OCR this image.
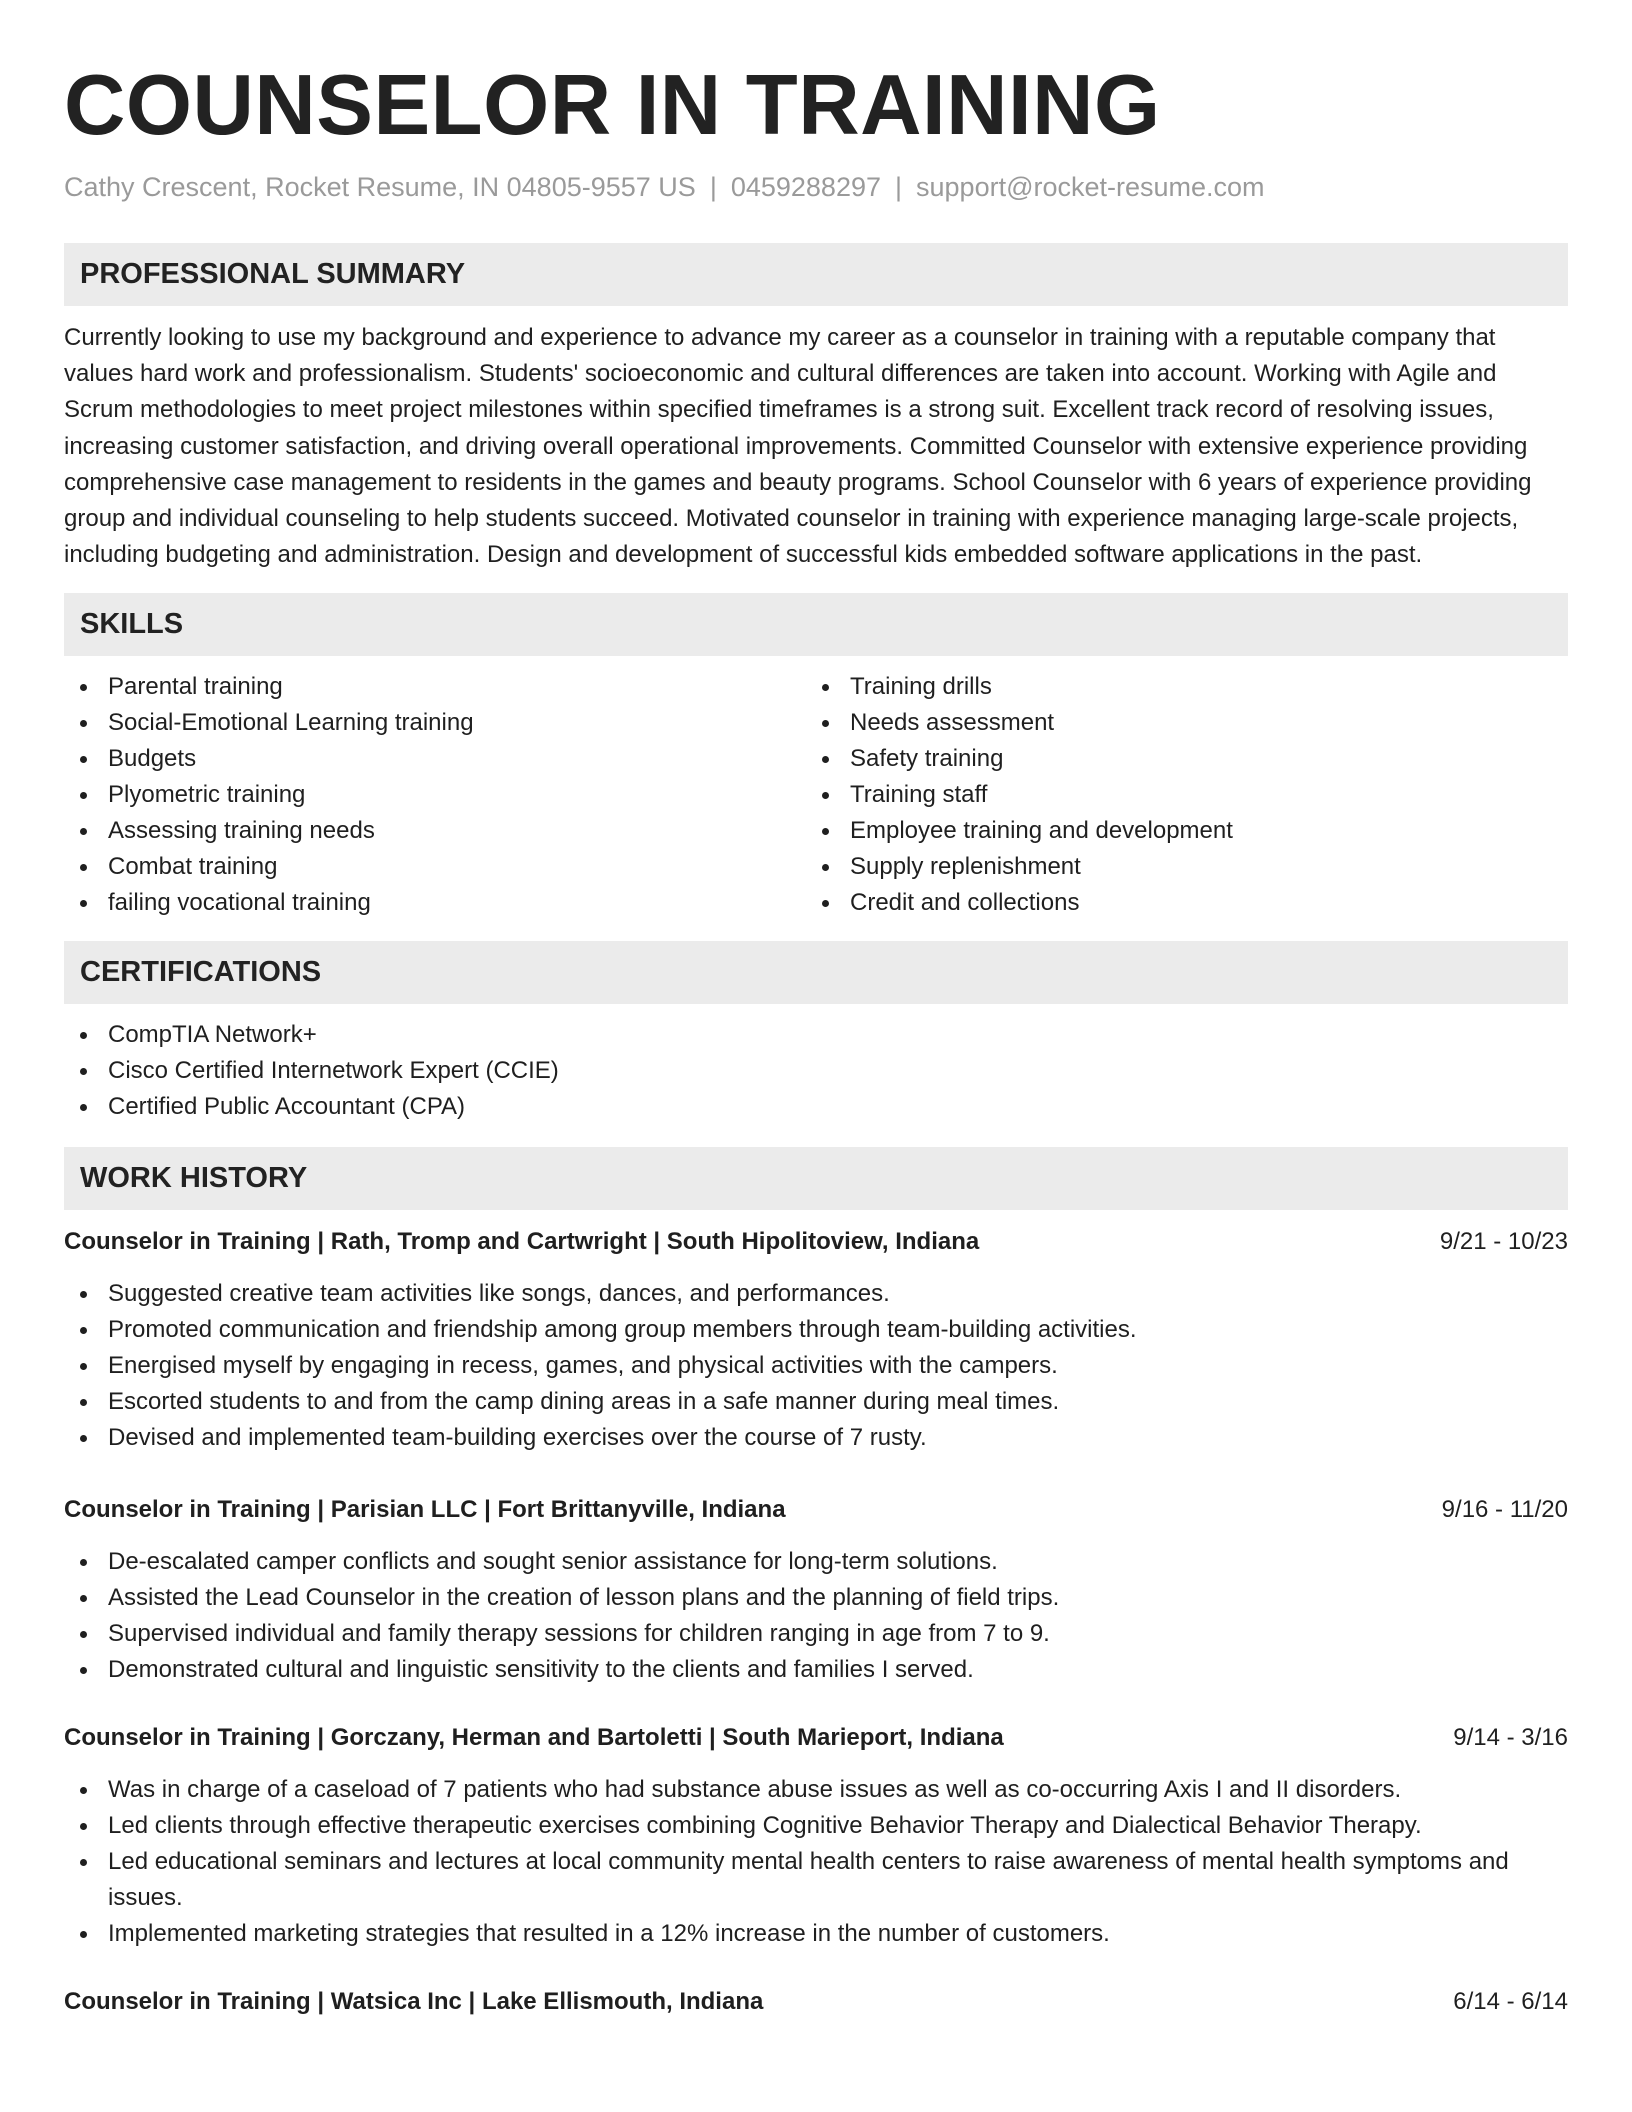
COUNSELOR IN TRAINING
Cathy Crescent, Rocket Resume, IN 04805-9557 US | 0459288297 | support@rocket-resume.com
PROFESSIONAL SUMMARY

Currently looking to use my background and experience to advance my career as a counselor in training with a reputable company that values hard work and professionalism. Students' socioeconomic and cultural differences are taken into account. Working with Agile and Scrum methodologies to meet project milestones within specified timeframes is a strong suit. Excellent track record of resolving issues, increasing customer satisfaction, and driving overall operational improvements. Committed Counselor with extensive experience providing comprehensive case management to residents in the games and beauty programs. School Counselor with 6 years of experience providing group and individual counseling to help students succeed. Motivated counselor in training with experience managing large-scale projects, including budgeting and administration. Design and development of successful kids embedded software applications in the past.

SKILLS
Parental training
Social-Emotional Learning training
Budgets
Plyometric training
Assessing training needs
Combat training
failing vocational training
Training drills
Needs assessment
Safety training
Training staff
Employee training and development
Supply replenishment
Credit and collections
CERTIFICATIONS
CompTIA Network+
Cisco Certified Internetwork Expert (CCIE)
Certified Public Accountant (CPA)
WORK HISTORY
Counselor in Training | Rath, Tromp and Cartwright | South Hipolitoview, Indiana	9/21 - 10/23
Suggested creative team activities like songs, dances, and performances.
Promoted communication and friendship among group members through team-building activities.
Energised myself by engaging in recess, games, and physical activities with the campers.
Escorted students to and from the camp dining areas in a safe manner during meal times.
Devised and implemented team-building exercises over the course of 7 rusty.
Counselor in Training | Parisian LLC | Fort Brittanyville, Indiana	9/16 - 11/20
De-escalated camper conflicts and sought senior assistance for long-term solutions.
Assisted the Lead Counselor in the creation of lesson plans and the planning of field trips.
Supervised individual and family therapy sessions for children ranging in age from 7 to 9.
Demonstrated cultural and linguistic sensitivity to the clients and families I served.
Counselor in Training | Gorczany, Herman and Bartoletti | South Marieport, Indiana	9/14 - 3/16
Was in charge of a caseload of 7 patients who had substance abuse issues as well as co-occurring Axis I and II disorders.
Led clients through effective therapeutic exercises combining Cognitive Behavior Therapy and Dialectical Behavior Therapy.
Led educational seminars and lectures at local community mental health centers to raise awareness of mental health symptoms and issues.
Implemented marketing strategies that resulted in a 12% increase in the number of customers.
Counselor in Training | Watsica Inc | Lake Ellismouth, Indiana	6/14 - 6/14
